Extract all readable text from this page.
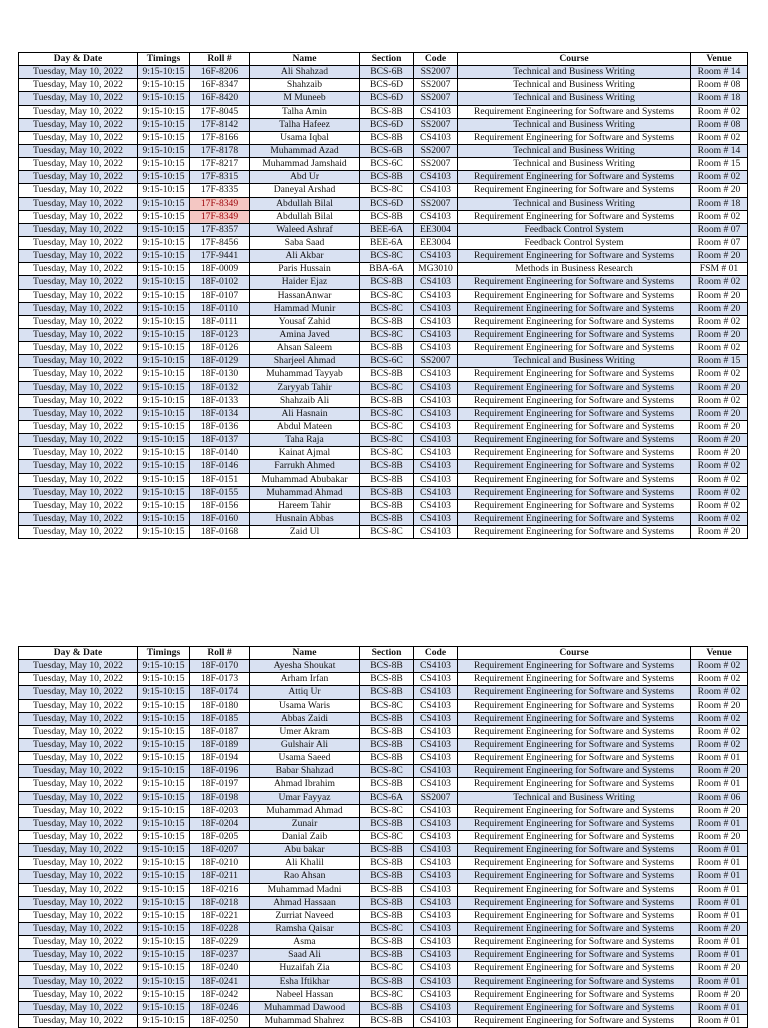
Day & Date	Timings	Roll #	Name	Section	Code	Course	Venue
Tuesday, May 10, 2022	9:15-10:15	16F-8206	Ali Shahzad	BCS-6B	SS2007	Technical and Business Writing	Room # 14
Tuesday, May 10, 2022	9:15-10:15	16F-8347	Shahzaib	BCS-6D	SS2007	Technical and Business Writing	Room # 08
Tuesday, May 10, 2022	9:15-10:15	16F-8420	M Muneeb	BCS-6D	SS2007	Technical and Business Writing	Room # 18
Tuesday, May 10, 2022	9:15-10:15	17F-8045	Talha Amin	BCS-8B	CS4103	Requirement Engineering for Software and Systems	Room # 02
Tuesday, May 10, 2022	9:15-10:15	17F-8142	Talha Hafeez	BCS-6D	SS2007	Technical and Business Writing	Room # 08
Tuesday, May 10, 2022	9:15-10:15	17F-8166	Usama Iqbal	BCS-8B	CS4103	Requirement Engineering for Software and Systems	Room # 02
Tuesday, May 10, 2022	9:15-10:15	17F-8178	Muhammad Azad	BCS-6B	SS2007	Technical and Business Writing	Room # 14
Tuesday, May 10, 2022	9:15-10:15	17F-8217	Muhammad Jamshaid	BCS-6C	SS2007	Technical and Business Writing	Room # 15
Tuesday, May 10, 2022	9:15-10:15	17F-8315	Abd Ur	BCS-8B	CS4103	Requirement Engineering for Software and Systems	Room # 02
Tuesday, May 10, 2022	9:15-10:15	17F-8335	Daneyal Arshad	BCS-8C	CS4103	Requirement Engineering for Software and Systems	Room # 20
Tuesday, May 10, 2022	9:15-10:15	17F-8349	Abdullah Bilal	BCS-6D	SS2007	Technical and Business Writing	Room # 18
Tuesday, May 10, 2022	9:15-10:15	17F-8349	Abdullah Bilal	BCS-8B	CS4103	Requirement Engineering for Software and Systems	Room # 02
Tuesday, May 10, 2022	9:15-10:15	17F-8357	Waleed Ashraf	BEE-6A	EE3004	Feedback Control System	Room # 07
Tuesday, May 10, 2022	9:15-10:15	17F-8456	Saba Saad	BEE-6A	EE3004	Feedback Control System	Room # 07
Tuesday, May 10, 2022	9:15-10:15	17F-9441	Ali Akbar	BCS-8C	CS4103	Requirement Engineering for Software and Systems	Room # 20
Tuesday, May 10, 2022	9:15-10:15	18F-0009	Paris Hussain	BBA-6A	MG3010	Methods in Business Research	FSM # 01
Tuesday, May 10, 2022	9:15-10:15	18F-0102	Haider Ejaz	BCS-8B	CS4103	Requirement Engineering for Software and Systems	Room # 02
Tuesday, May 10, 2022	9:15-10:15	18F-0107	HassanAnwar	BCS-8C	CS4103	Requirement Engineering for Software and Systems	Room # 20
Tuesday, May 10, 2022	9:15-10:15	18F-0110	Hammad Munir	BCS-8C	CS4103	Requirement Engineering for Software and Systems	Room # 20
Tuesday, May 10, 2022	9:15-10:15	18F-0111	Yousaf Zahid	BCS-8B	CS4103	Requirement Engineering for Software and Systems	Room # 02
Tuesday, May 10, 2022	9:15-10:15	18F-0123	Amina Javed	BCS-8C	CS4103	Requirement Engineering for Software and Systems	Room # 20
Tuesday, May 10, 2022	9:15-10:15	18F-0126	Ahsan Saleem	BCS-8B	CS4103	Requirement Engineering for Software and Systems	Room # 02
Tuesday, May 10, 2022	9:15-10:15	18F-0129	Sharjeel Ahmad	BCS-6C	SS2007	Technical and Business Writing	Room # 15
Tuesday, May 10, 2022	9:15-10:15	18F-0130	Muhammad Tayyab	BCS-8B	CS4103	Requirement Engineering for Software and Systems	Room # 02
Tuesday, May 10, 2022	9:15-10:15	18F-0132	Zaryyab Tahir	BCS-8C	CS4103	Requirement Engineering for Software and Systems	Room # 20
Tuesday, May 10, 2022	9:15-10:15	18F-0133	Shahzaib Ali	BCS-8B	CS4103	Requirement Engineering for Software and Systems	Room # 02
Tuesday, May 10, 2022	9:15-10:15	18F-0134	Ali Hasnain	BCS-8C	CS4103	Requirement Engineering for Software and Systems	Room # 20
Tuesday, May 10, 2022	9:15-10:15	18F-0136	Abdul Mateen	BCS-8C	CS4103	Requirement Engineering for Software and Systems	Room # 20
Tuesday, May 10, 2022	9:15-10:15	18F-0137	Taha Raja	BCS-8C	CS4103	Requirement Engineering for Software and Systems	Room # 20
Tuesday, May 10, 2022	9:15-10:15	18F-0140	Kainat Ajmal	BCS-8C	CS4103	Requirement Engineering for Software and Systems	Room # 20
Tuesday, May 10, 2022	9:15-10:15	18F-0146	Farrukh Ahmed	BCS-8B	CS4103	Requirement Engineering for Software and Systems	Room # 02
Tuesday, May 10, 2022	9:15-10:15	18F-0151	Muhammad Abubakar	BCS-8B	CS4103	Requirement Engineering for Software and Systems	Room # 02
Tuesday, May 10, 2022	9:15-10:15	18F-0155	Muhammad Ahmad	BCS-8B	CS4103	Requirement Engineering for Software and Systems	Room # 02
Tuesday, May 10, 2022	9:15-10:15	18F-0156	Hareem Tahir	BCS-8B	CS4103	Requirement Engineering for Software and Systems	Room # 02
Tuesday, May 10, 2022	9:15-10:15	18F-0160	Husnain Abbas	BCS-8B	CS4103	Requirement Engineering for Software and Systems	Room # 02
Tuesday, May 10, 2022	9:15-10:15	18F-0168	Zaid Ul	BCS-8C	CS4103	Requirement Engineering for Software and Systems	Room # 20
Day & Date	Timings	Roll #	Name	Section	Code	Course	Venue
Tuesday, May 10, 2022	9:15-10:15	18F-0170	Ayesha Shoukat	BCS-8B	CS4103	Requirement Engineering for Software and Systems	Room # 02
Tuesday, May 10, 2022	9:15-10:15	18F-0173	Arham Irfan	BCS-8B	CS4103	Requirement Engineering for Software and Systems	Room # 02
Tuesday, May 10, 2022	9:15-10:15	18F-0174	Attiq Ur	BCS-8B	CS4103	Requirement Engineering for Software and Systems	Room # 02
Tuesday, May 10, 2022	9:15-10:15	18F-0180	Usama Waris	BCS-8C	CS4103	Requirement Engineering for Software and Systems	Room # 20
Tuesday, May 10, 2022	9:15-10:15	18F-0185	Abbas Zaidi	BCS-8B	CS4103	Requirement Engineering for Software and Systems	Room # 02
Tuesday, May 10, 2022	9:15-10:15	18F-0187	Umer Akram	BCS-8B	CS4103	Requirement Engineering for Software and Systems	Room # 02
Tuesday, May 10, 2022	9:15-10:15	18F-0189	Gulshair Ali	BCS-8B	CS4103	Requirement Engineering for Software and Systems	Room # 02
Tuesday, May 10, 2022	9:15-10:15	18F-0194	Usama Saeed	BCS-8B	CS4103	Requirement Engineering for Software and Systems	Room # 01
Tuesday, May 10, 2022	9:15-10:15	18F-0196	Babar Shahzad	BCS-8C	CS4103	Requirement Engineering for Software and Systems	Room # 20
Tuesday, May 10, 2022	9:15-10:15	18F-0197	Ahmad Ibrahim	BCS-8B	CS4103	Requirement Engineering for Software and Systems	Room # 01
Tuesday, May 10, 2022	9:15-10:15	18F-0198	Umar Fayyaz	BCS-6A	SS2007	Technical and Business Writing	Room # 06
Tuesday, May 10, 2022	9:15-10:15	18F-0203	Muhammad Ahmad	BCS-8C	CS4103	Requirement Engineering for Software and Systems	Room # 20
Tuesday, May 10, 2022	9:15-10:15	18F-0204	Zunair	BCS-8B	CS4103	Requirement Engineering for Software and Systems	Room # 01
Tuesday, May 10, 2022	9:15-10:15	18F-0205	Danial Zaib	BCS-8C	CS4103	Requirement Engineering for Software and Systems	Room # 20
Tuesday, May 10, 2022	9:15-10:15	18F-0207	Abu bakar	BCS-8B	CS4103	Requirement Engineering for Software and Systems	Room # 01
Tuesday, May 10, 2022	9:15-10:15	18F-0210	Ali Khalil	BCS-8B	CS4103	Requirement Engineering for Software and Systems	Room # 01
Tuesday, May 10, 2022	9:15-10:15	18F-0211	Rao Ahsan	BCS-8B	CS4103	Requirement Engineering for Software and Systems	Room # 01
Tuesday, May 10, 2022	9:15-10:15	18F-0216	Muhammad Madni	BCS-8B	CS4103	Requirement Engineering for Software and Systems	Room # 01
Tuesday, May 10, 2022	9:15-10:15	18F-0218	Ahmad Hassaan	BCS-8B	CS4103	Requirement Engineering for Software and Systems	Room # 01
Tuesday, May 10, 2022	9:15-10:15	18F-0221	Zurriat Naveed	BCS-8B	CS4103	Requirement Engineering for Software and Systems	Room # 01
Tuesday, May 10, 2022	9:15-10:15	18F-0228	Ramsha Qaisar	BCS-8C	CS4103	Requirement Engineering for Software and Systems	Room # 20
Tuesday, May 10, 2022	9:15-10:15	18F-0229	Asma	BCS-8B	CS4103	Requirement Engineering for Software and Systems	Room # 01
Tuesday, May 10, 2022	9:15-10:15	18F-0237	Saad Ali	BCS-8B	CS4103	Requirement Engineering for Software and Systems	Room # 01
Tuesday, May 10, 2022	9:15-10:15	18F-0240	Huzaifah Zia	BCS-8C	CS4103	Requirement Engineering for Software and Systems	Room # 20
Tuesday, May 10, 2022	9:15-10:15	18F-0241	Esha Iftikhar	BCS-8B	CS4103	Requirement Engineering for Software and Systems	Room # 01
Tuesday, May 10, 2022	9:15-10:15	18F-0242	Nabeel Hassan	BCS-8C	CS4103	Requirement Engineering for Software and Systems	Room # 20
Tuesday, May 10, 2022	9:15-10:15	18F-0246	Muhammad Dawood	BCS-8B	CS4103	Requirement Engineering for Software and Systems	Room # 01
Tuesday, May 10, 2022	9:15-10:15	18F-0250	Muhammad Shahrez	BCS-8B	CS4103	Requirement Engineering for Software and Systems	Room # 01
